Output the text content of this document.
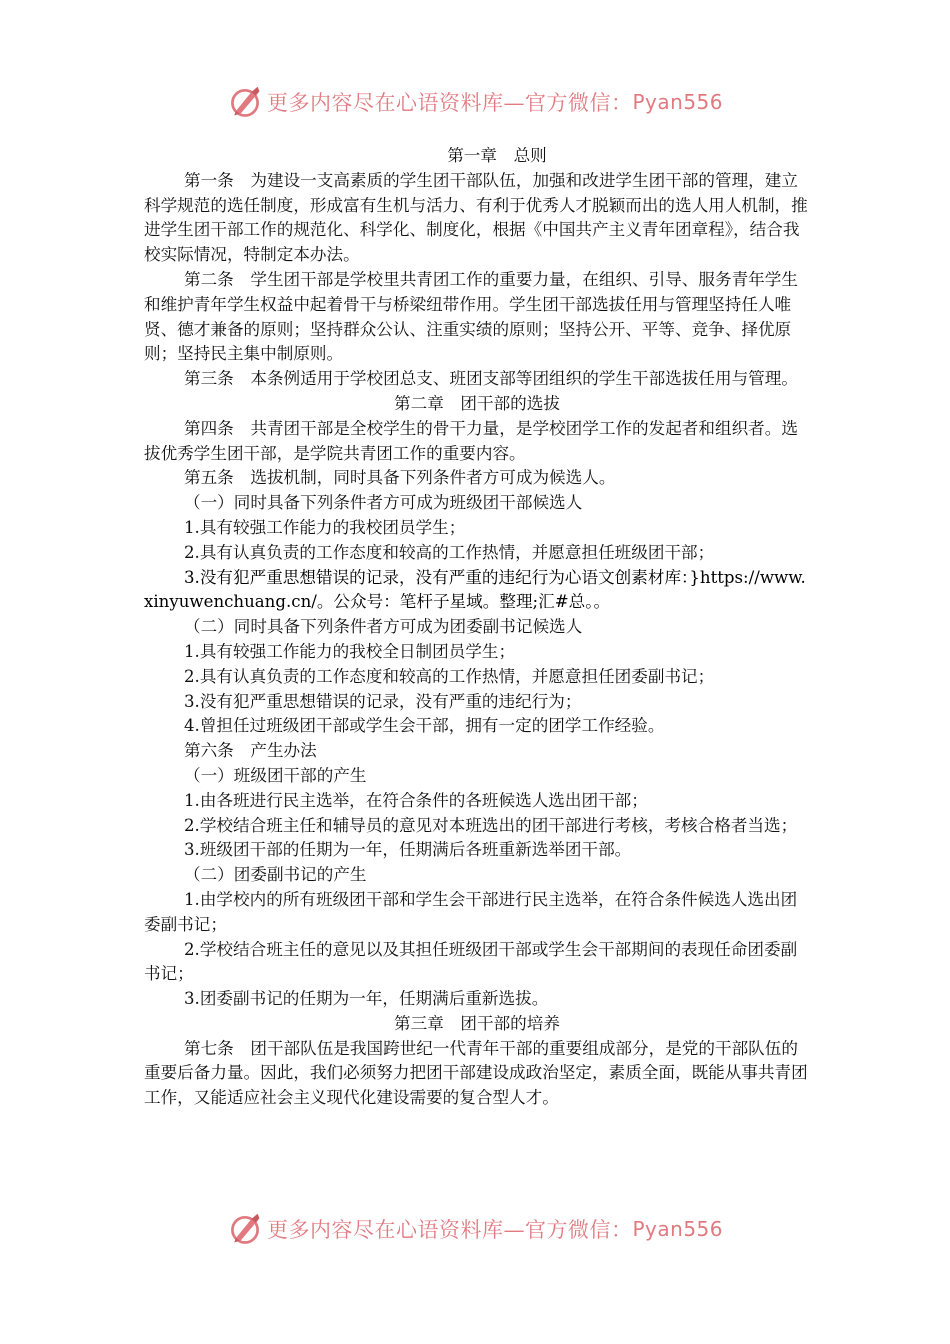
更多内容尽在心语资料库—官方微信： Pyan556

第一章　总则

第一条　为建设一支高素质的学生团干部队伍，加强和改进学生团干部的管理，建立科学规范的选任制度，形成富有生机与活力、有利于优秀人才脱颖而出的选人用人机制，推进学生团干部工作的规范化、科学化、制度化，根据《中国共产主义青年团章程》，结合我校实际情况，特制定本办法。

第二条　学生团干部是学校里共青团工作的重要力量，在组织、引导、服务青年学生和维护青年学生权益中起着骨干与桥梁纽带作用。学生团干部选拔任用与管理坚持任人唯贤、德才兼备的原则；坚持群众公认、注重实绩的原则；坚持公开、平等、竞争、择优原则；坚持民主集中制原则。

第三条　本条例适用于学校团总支、班团支部等团组织的学生干部选拔任用与管理。

第二章　团干部的选拔

第四条　共青团干部是全校学生的骨干力量，是学校团学工作的发起者和组织者。选拔优秀学生团干部，是学院共青团工作的重要内容。

第五条　选拔机制，同时具备下列条件者方可成为候选人。

（一）同时具备下列条件者方可成为班级团干部候选人

1.具有较强工作能力的我校团员学生；

2.具有认真负责的工作态度和较高的工作热情，并愿意担任班级团干部；

3.没有犯严重思想错误的记录，没有严重的违纪行为心语文创素材库：}https://www.xinyuwenchuang.cn/。公众号：笔杆子星域。整理;汇#总。。

（二）同时具备下列条件者方可成为团委副书记候选人

1.具有较强工作能力的我校全日制团员学生；

2.具有认真负责的工作态度和较高的工作热情，并愿意担任团委副书记；

3.没有犯严重思想错误的记录，没有严重的违纪行为；

4.曾担任过班级团干部或学生会干部，拥有一定的团学工作经验。

第六条　产生办法

（一）班级团干部的产生

1.由各班进行民主选举，在符合条件的各班候选人选出团干部；

2.学校结合班主任和辅导员的意见对本班选出的团干部进行考核，考核合格者当选；

3.班级团干部的任期为一年，任期满后各班重新选举团干部。

（二）团委副书记的产生

1.由学校内的所有班级团干部和学生会干部进行民主选举，在符合条件候选人选出团委副书记；

2.学校结合班主任的意见以及其担任班级团干部或学生会干部期间的表现任命团委副书记；

3.团委副书记的任期为一年，任期满后重新选拔。

第三章　团干部的培养

第七条　团干部队伍是我国跨世纪一代青年干部的重要组成部分，是党的干部队伍的重要后备力量。因此，我们必须努力把团干部建设成政治坚定，素质全面，既能从事共青团工作，又能适应社会主义现代化建设需要的复合型人才。

更多内容尽在心语资料库—官方微信： Pyan556
